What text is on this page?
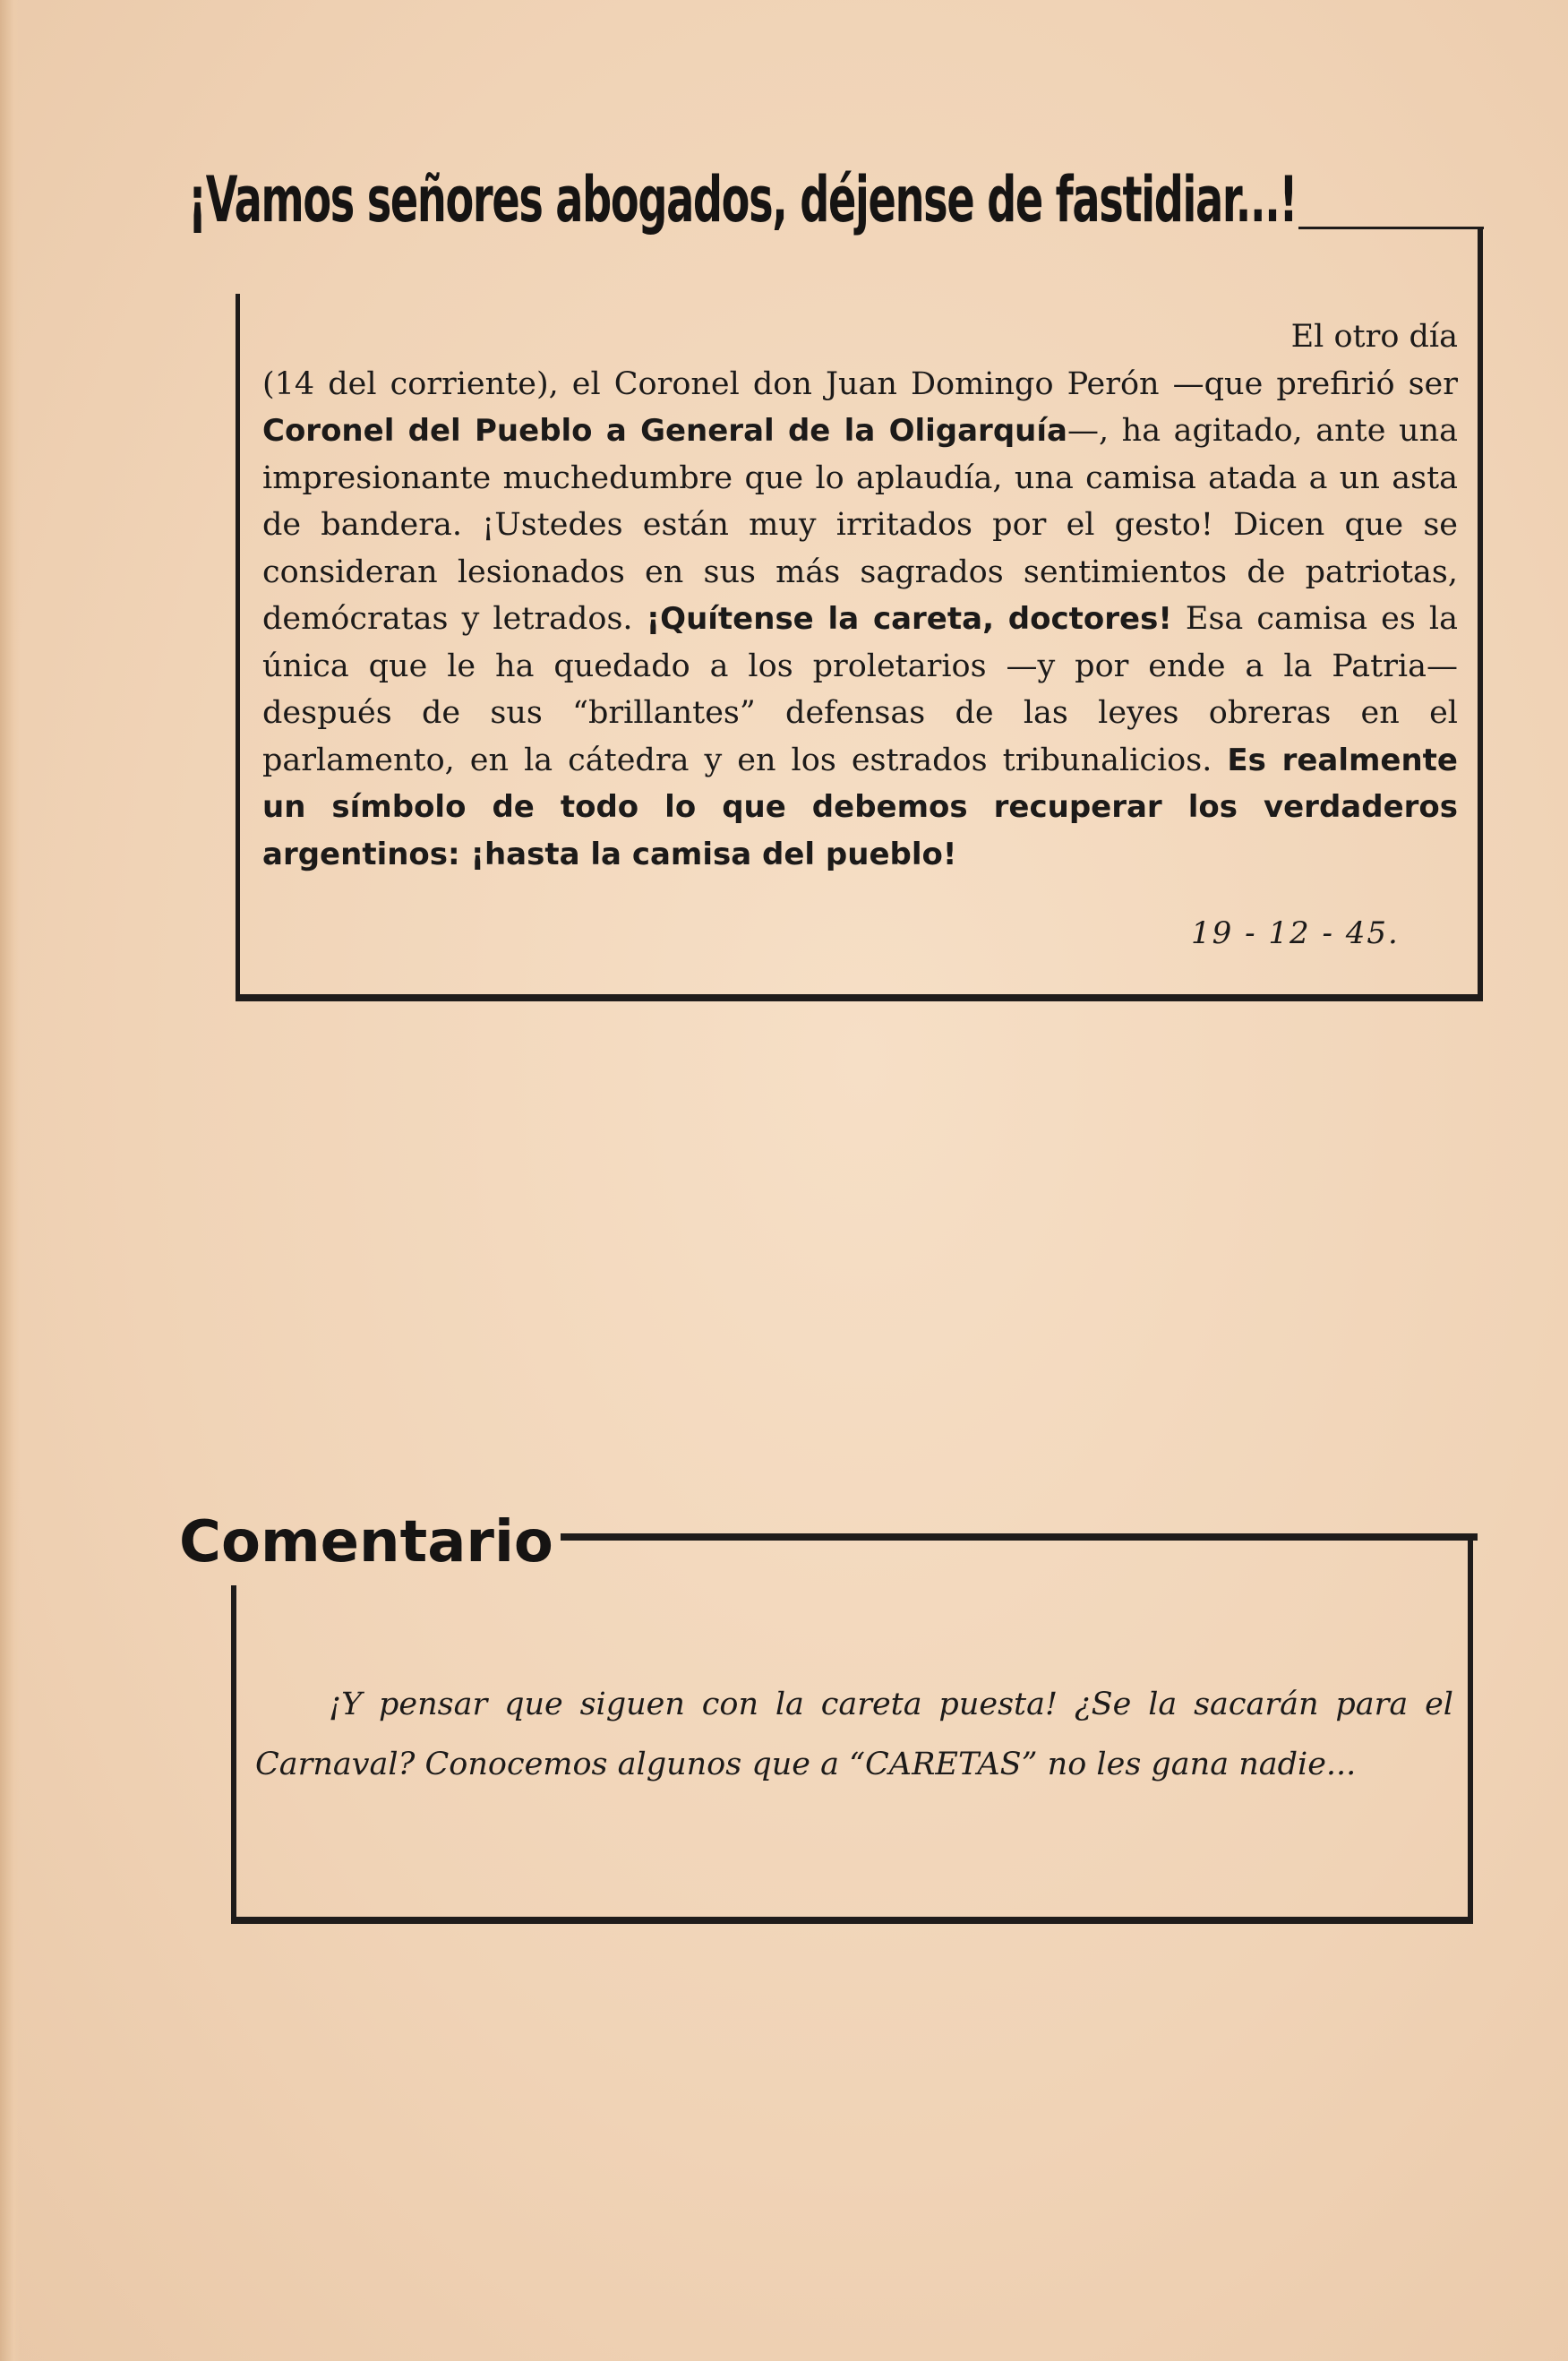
¡Vamos señores abogados, déjense de fastidiar...!

El otro día
(14 del corriente), el Coronel don Juan Domingo Perón —que prefirió ser Coronel del Pueblo a General de la Oligarquía—, ha agitado, ante una impresionante muchedumbre que lo aplaudía, una camisa atada a un asta de bandera. ¡Ustedes están muy irritados por el gesto! Dicen que se consideran lesionados en sus más sagrados sentimientos de patriotas, demócratas y letrados. ¡Quítense la careta, doctores! Esa camisa es la única que le ha quedado a los proletarios —y por ende a la Patria— después de sus “brillantes” defensas de las leyes obreras en el parlamento, en la cátedra y en los estrados tribunalicios. Es realmente un símbolo de todo lo que debemos recuperar los verdaderos argentinos: ¡hasta la camisa del pueblo!

19 - 12 - 45.

Comentario

¡Y pensar que siguen con la careta puesta! ¿Se la sacarán para el Carnaval? Conocemos algunos que a “CARETAS” no les gana nadie...
